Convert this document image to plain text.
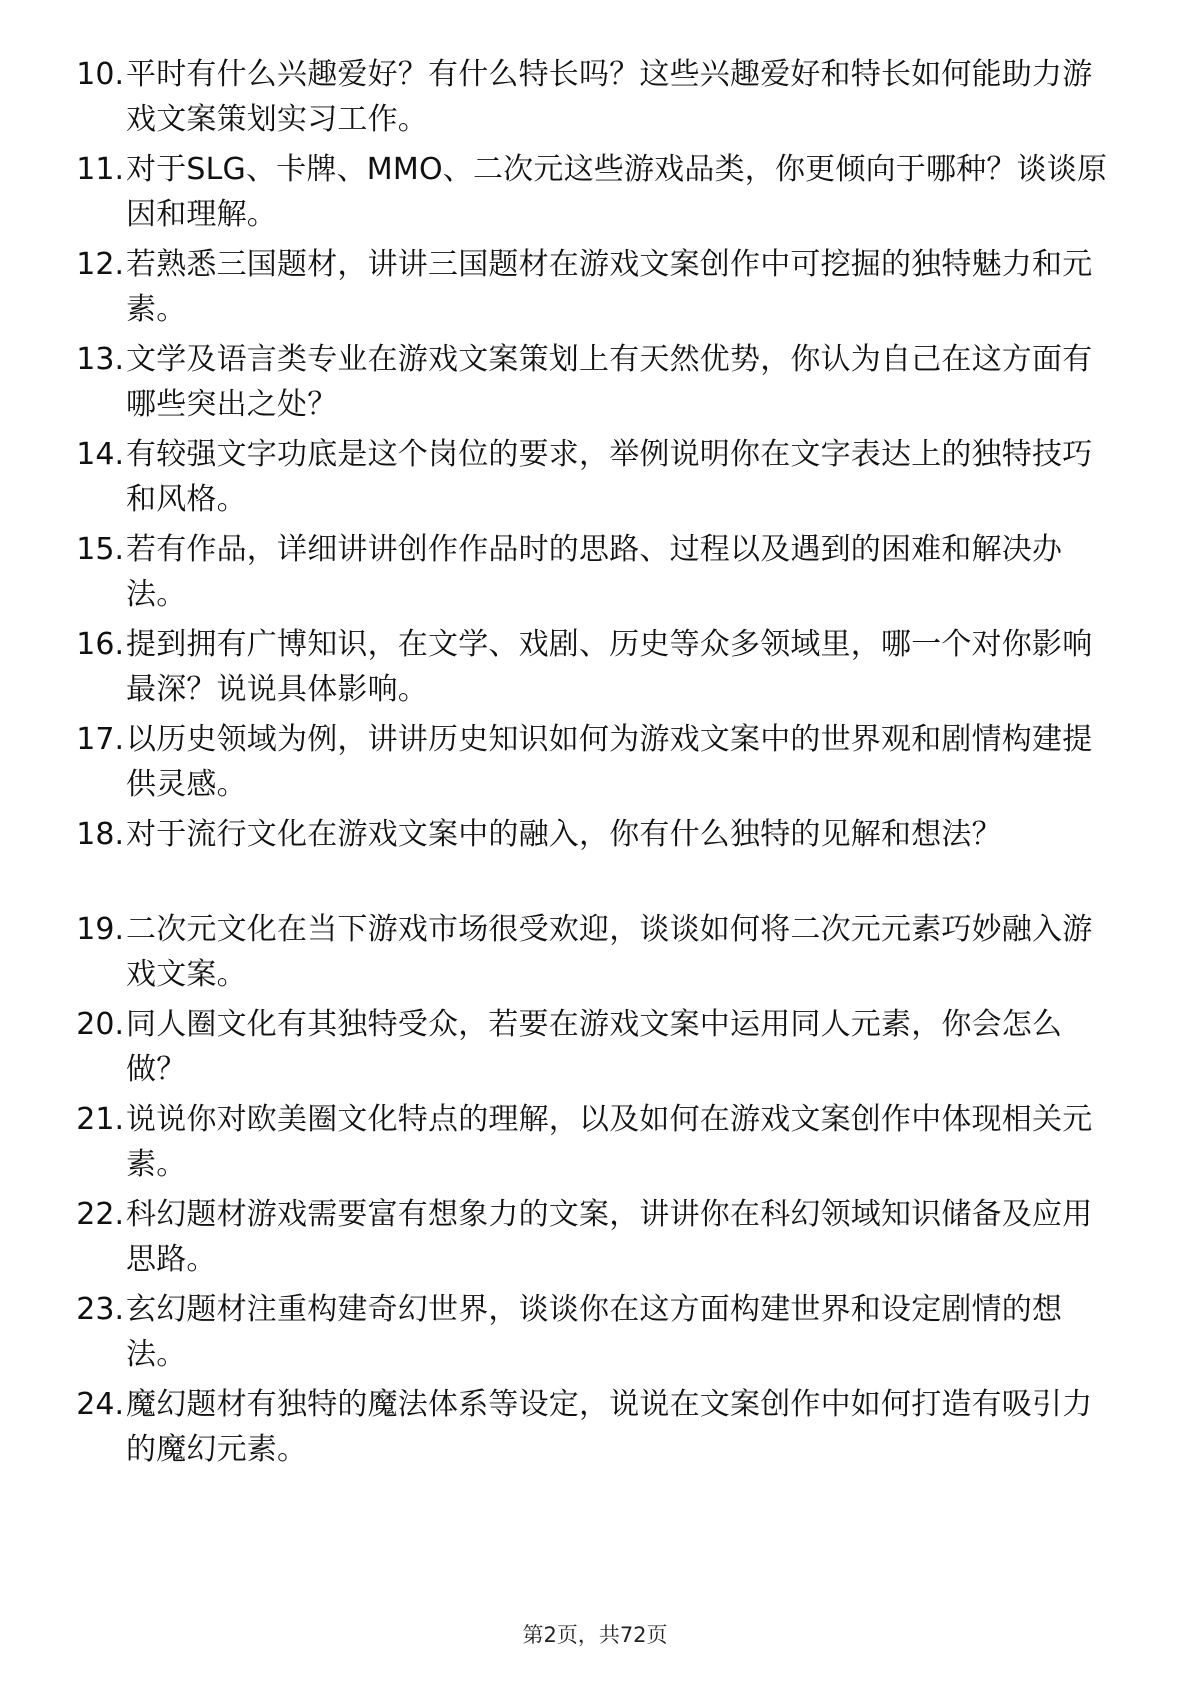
10. 平时有什么兴趣爱好？有什么特长吗？这些兴趣爱好和特长如何能助力游戏文案策划实习工作。
11. 对于SLG、卡牌、MMO、二次元这些游戏品类，你更倾向于哪种？谈谈原因和理解。
12. 若熟悉三国题材，讲讲三国题材在游戏文案创作中可挖掘的独特魅力和元素。
13. 文学及语言类专业在游戏文案策划上有天然优势，你认为自己在这方面有哪些突出之处？
14. 有较强文字功底是这个岗位的要求，举例说明你在文字表达上的独特技巧和风格。
15. 若有作品，详细讲讲创作作品时的思路、过程以及遇到的困难和解决办法。
16. 提到拥有广博知识，在文学、戏剧、历史等众多领域里，哪一个对你影响最深？说说具体影响。
17. 以历史领域为例，讲讲历史知识如何为游戏文案中的世界观和剧情构建提供灵感。
18. 对于流行文化在游戏文案中的融入，你有什么独特的见解和想法？
19. 二次元文化在当下游戏市场很受欢迎，谈谈如何将二次元元素巧妙融入游戏文案。
20. 同人圈文化有其独特受众，若要在游戏文案中运用同人元素，你会怎么做？
21. 说说你对欧美圈文化特点的理解，以及如何在游戏文案创作中体现相关元素。
22. 科幻题材游戏需要富有想象力的文案，讲讲你在科幻领域知识储备及应用思路。
23. 玄幻题材注重构建奇幻世界，谈谈你在这方面构建世界和设定剧情的想法。
24. 魔幻题材有独特的魔法体系等设定，说说在文案创作中如何打造有吸引力的魔幻元素。
第2页，共72页
